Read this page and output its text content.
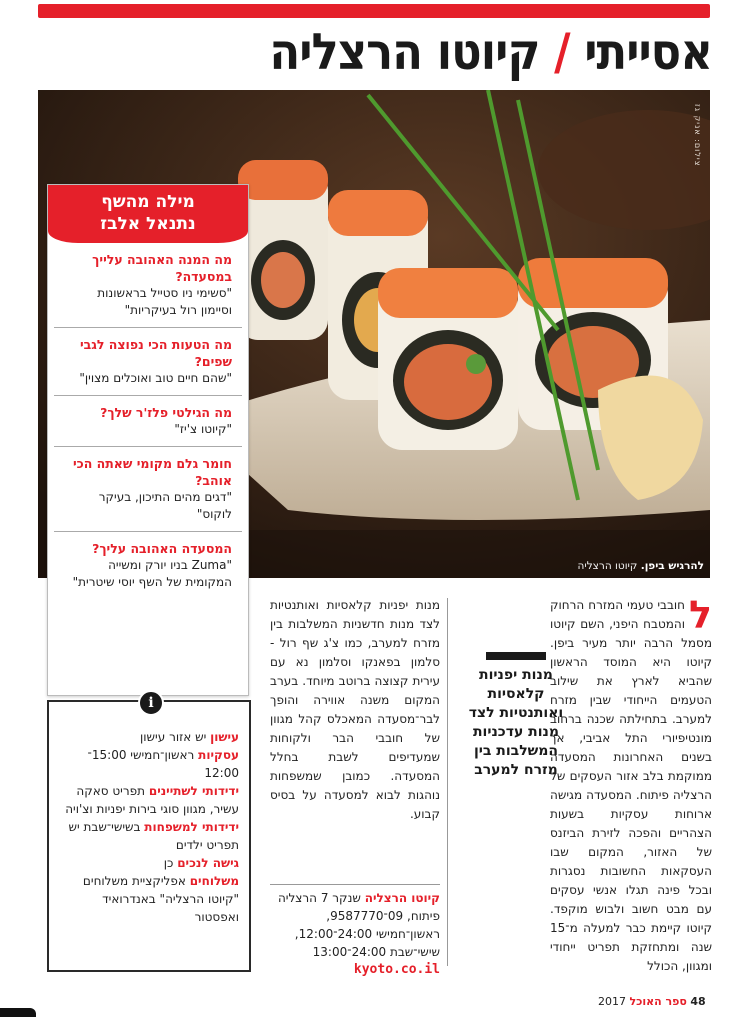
אסייתי / קיוטו הרצליה
צילום: אניק גז
להרגיש ביפן. קיוטו הרצליה
מילה מהשף
נתנאל אלבז
מה המנה האהובה עלייך במסעדה?
"סשימי ניו סטייל בראשונות וסיימון רול בעיקריות"
מה הטעות הכי נפוצה לגבי שפים?
"שהם חיים טוב ואוכלים מצוין"
מה הגילטי פלז'ר שלך?
"קיוטו צ'יז"
חומר גלם מקומי שאתה הכי אוהב?
"דגים מהים התיכון, בעיקר לוקוס"
המסעדה האהובה עליך?
"Zuma בניו יורק ומשייה המקומית של השף יוסי שיטרית"
i
עישון יש אזור עישון
עסקיות ראשון־חמישי 15:00־12:00
ידידותי לשתיינים תפריט סאקה עשיר, מגוון סוגי בירות יפניות וצ'ויה
ידידותי למשפחות בשישי־שבת יש תפריט ילדים
גישה לנכים כן
משלוחים אפליקציית משלוחים "קיוטו הרצליה" באנדרואיד ואפסטור
ל
חובבי טעמי המזרח הרחוק והמטבח היפני, השם קיוטו מסמל הרבה יותר מעיר ביפן. קיוטו היא המוסד הראשון שהביא לארץ את שילוב הטעמים הייחודי שבין מזרח למערב. בתחילתה שכנה ברחוב מונטיפיורי התל אביבי, אך בשנים האחרונות המסעדה ממוקמת בלב אזור העסקים של הרצליה פיתוח. המסעדה מגישה ארוחות עסקיות בשעות הצהריים והפכה לזירת הביזנס של האזור, המקום שבו העסקאות החשובות נסגרות ובכל פינה תגלו אנשי עסקים עם מבט חשוב ולבוש מוקפד. קיוטו קיימת כבר למעלה מ־15 שנה ומתחזקת תפריט ייחודי ומגוון, הכולל
מנות יפניות קלאסיות ואותנטיות לצד מנות עדכניות המשלבות בין מזרח למערב
מנות יפניות קלאסיות ואותנטיות לצד מנות חדשניות המשלבות בין מזרח למערב, כמו צ'ג שף רול - סלמון בפאנקו וסלמון נא עם עירית קצוצה ברוטב מיוחד. בערב המקום משנה אווירה והופך לבר־מסעדה המאכלס קהל מגוון של חובבי הבר ולקוחות שמעדיפים לשבת בחלל המסעדה. כמובן שמשפחות נוהגות לבוא למסעדה על בסיס קבוע.
קיוטו הרצליה שנקר 7 הרצליה פיתוח, 09־9587770,
ראשון־חמישי 24:00־12:00,
שישי־שבת 24:00־13:00
kyoto.co.il
48 ספר האוכל 2017
